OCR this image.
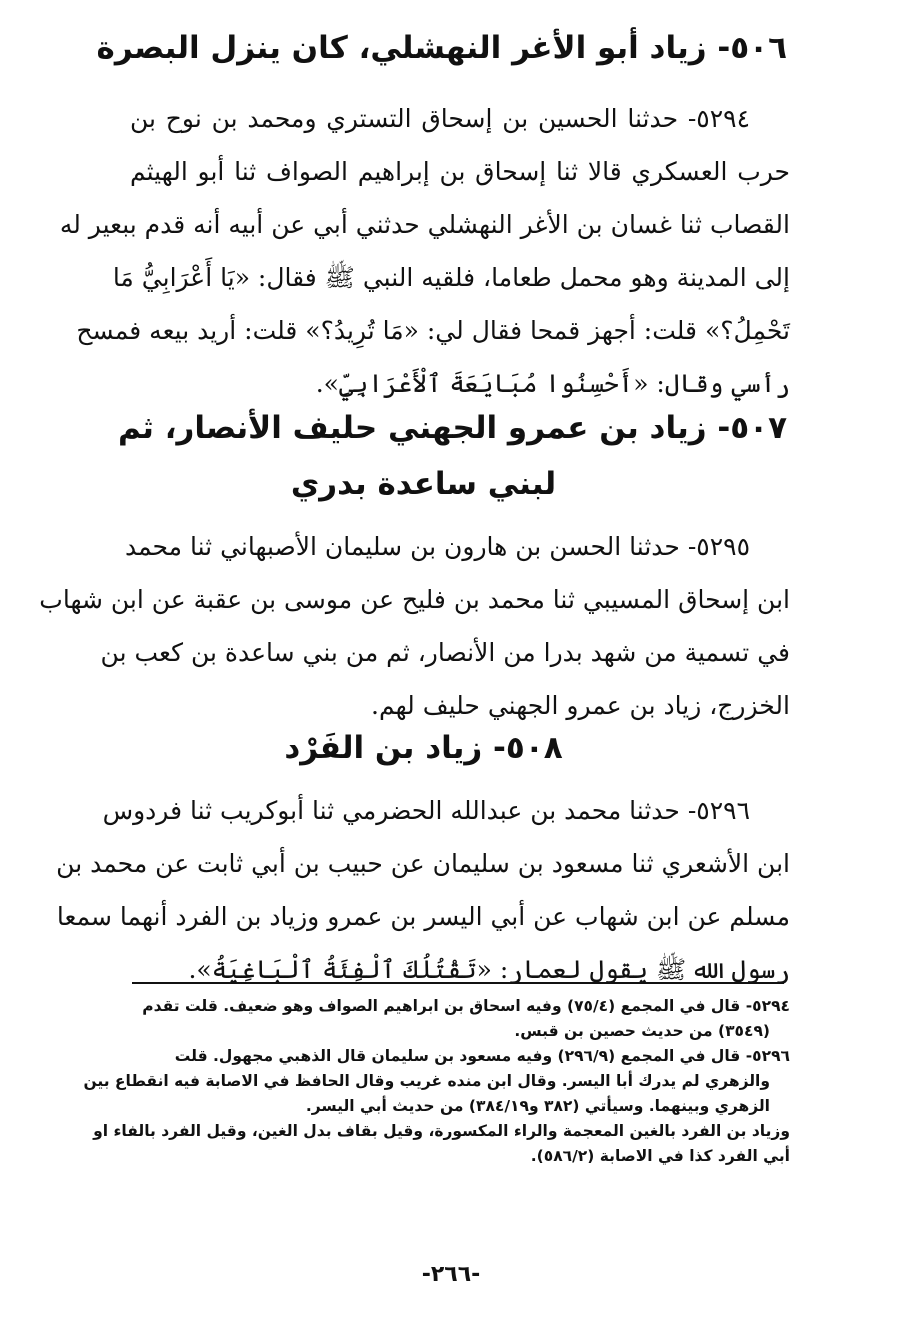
٥٠٦- زياد أبو الأغر النهشلي، كان ينزل البصرة
٥٢٩٤- حدثنا الحسين بن إسحاق التستري ومحمد بن نوح بن
حرب العسكري قالا ثنا إسحاق بن إبراهيم الصواف ثنا أبو الهيثم
القصاب ثنا غسان بن الأغر النهشلي حدثني أبي عن أبيه أنه قدم ببعير له
إلى المدينة وهو محمل طعاما، فلقيه النبي ﷺ فقال: «يَا أَعْرَابِيُّ مَا
تَحْمِلُ؟» قلت: أجهز قمحا فقال لي: «مَا تُرِيدُ؟» قلت: أريد بيعه فمسح
رأسي وقال: «أَحْسِنُوا مُبَايَعَةَ ٱلْأَعْرَابِيِّ».
٥٠٧- زياد بن عمرو الجهني حليف الأنصار، ثم
لبني ساعدة بدري
٥٢٩٥- حدثنا الحسن بن هارون بن سليمان الأصبهاني ثنا محمد
ابن إسحاق المسيبي ثنا محمد بن فليح عن موسى بن عقبة عن ابن شهاب
في تسمية من شهد بدرا من الأنصار، ثم من بني ساعدة بن كعب بن
الخزرج، زياد بن عمرو الجهني حليف لهم.
٥٠٨- زياد بن الفَرْد
٥٢٩٦- حدثنا محمد بن عبدالله الحضرمي ثنا أبوكريب ثنا فردوس
ابن الأشعري ثنا مسعود بن سليمان عن حبيب بن أبي ثابت عن محمد بن
مسلم عن ابن شهاب عن أبي اليسر بن عمرو وزياد بن الفرد أنهما سمعا
رسول الله ﷺ يقول لعمار: «تَقْتُلُكَ ٱلْفِئَةُ ٱلْبَاغِيَةُ».
٥٢٩٤- قال في المجمع (٧٥/٤) وفيه اسحاق بن ابراهيم الصواف وهو ضعيف. قلت تقدم
(٣٥٤٩) من حديث حصين بن قبس.
٥٢٩٦- قال في المجمع (٢٩٦/٩) وفيه مسعود بن سليمان قال الذهبي مجهول. قلت
والزهري لم يدرك أبا اليسر. وقال ابن منده غريب وقال الحافظ في الاصابة فيه انقطاع بين
الزهري وبينهما. وسيأتي (٣٨٢ و٣٨٤/١٩) من حديث أبي اليسر.
وزياد بن الفرد بالغين المعجمة والراء المكسورة، وقيل بقاف بدل الغين، وقيل الفرد بالفاء او
أبي الفرد كذا في الاصابة (٥٨٦/٢).
-٢٦٦-
